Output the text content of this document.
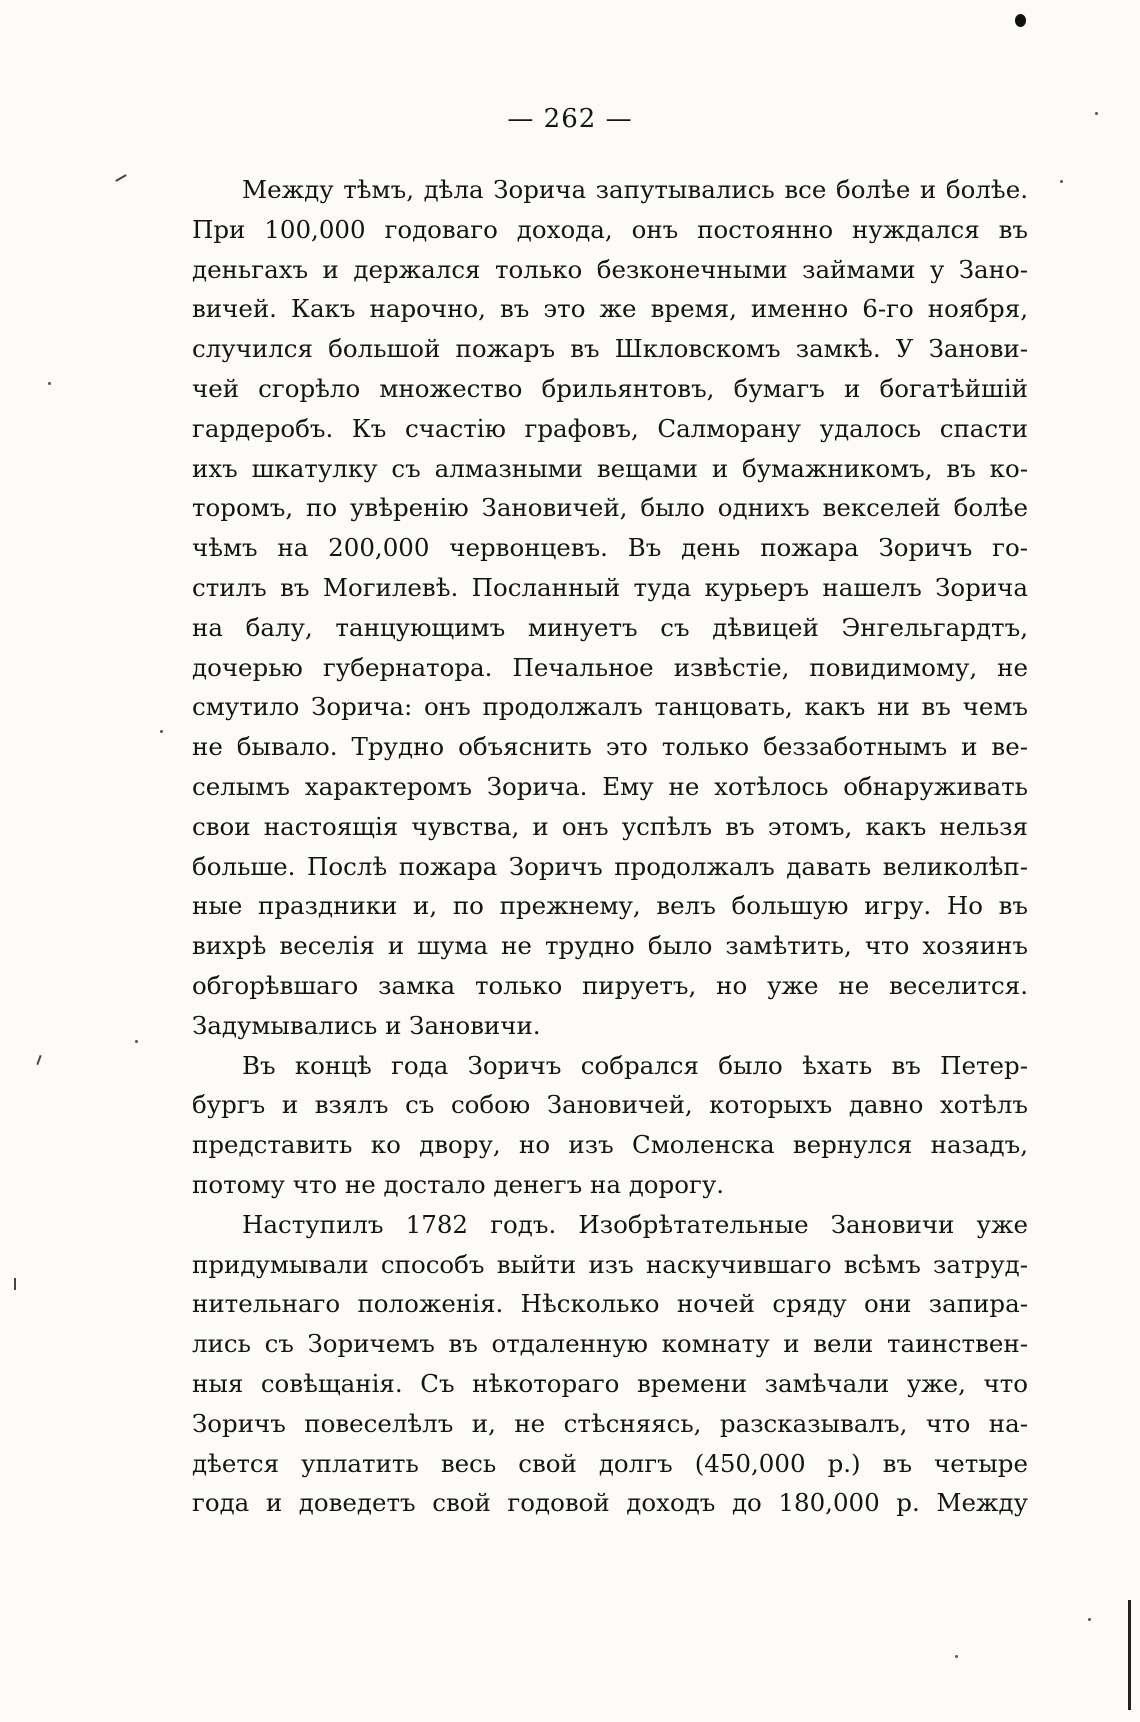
— 262 —
Между тѣмъ, дѣла Зорича запутывались все болѣе и болѣе.
При 100,000 годоваго дохода, онъ постоянно нуждался въ
деньгахъ и держался только безконечными займами у Зано-
вичей. Какъ нарочно, въ это же время, именно 6-го ноября,
случился большой пожаръ въ Шкловскомъ замкѣ. У Занови-
чей сгорѣло множество брильянтовъ, бумагъ и богатѣйшій
гардеробъ. Къ счастію графовъ, Салморану удалось спасти
ихъ шкатулку съ алмазными вещами и бумажникомъ, въ ко-
торомъ, по увѣренію Зановичей, было однихъ векселей болѣе
чѣмъ на 200,000 червонцевъ. Въ день пожара Зоричъ го-
стилъ въ Могилевѣ. Посланный туда курьеръ нашелъ Зорича
на балу, танцующимъ минуетъ съ дѣвицей Энгельгардтъ,
дочерью губернатора. Печальное извѣстіе, повидимому, не
смутило Зорича: онъ продолжалъ танцовать, какъ ни въ чемъ
не бывало. Трудно объяснить это только беззаботнымъ и ве-
селымъ характеромъ Зорича. Ему не хотѣлось обнаруживать
свои настоящія чувства, и онъ успѣлъ въ этомъ, какъ нельзя
больше. Послѣ пожара Зоричъ продолжалъ давать великолѣп-
ные праздники и, по прежнему, велъ большую игру. Но въ
вихрѣ веселія и шума не трудно было замѣтить, что хозяинъ
обгорѣвшаго замка только пируетъ, но уже не веселится.
Задумывались и Зановичи.
Въ концѣ года Зоричъ собрался было ѣхать въ Петер-
бургъ и взялъ съ собою Зановичей, которыхъ давно хотѣлъ
представить ко двору, но изъ Смоленска вернулся назадъ,
потому что не достало денегъ на дорогу.
Наступилъ 1782 годъ. Изобрѣтательные Зановичи уже
придумывали способъ выйти изъ наскучившаго всѣмъ затруд-
нительнаго положенія. Нѣсколько ночей сряду они запира-
лись съ Зоричемъ въ отдаленную комнату и вели таинствен-
ныя совѣщанія. Съ нѣкотораго времени замѣчали уже, что
Зоричъ повеселѣлъ и, не стѣсняясь, разсказывалъ, что на-
дѣется уплатить весь свой долгъ (450,000 р.) въ четыре
года и доведетъ свой годовой доходъ до 180,000 р. Между
